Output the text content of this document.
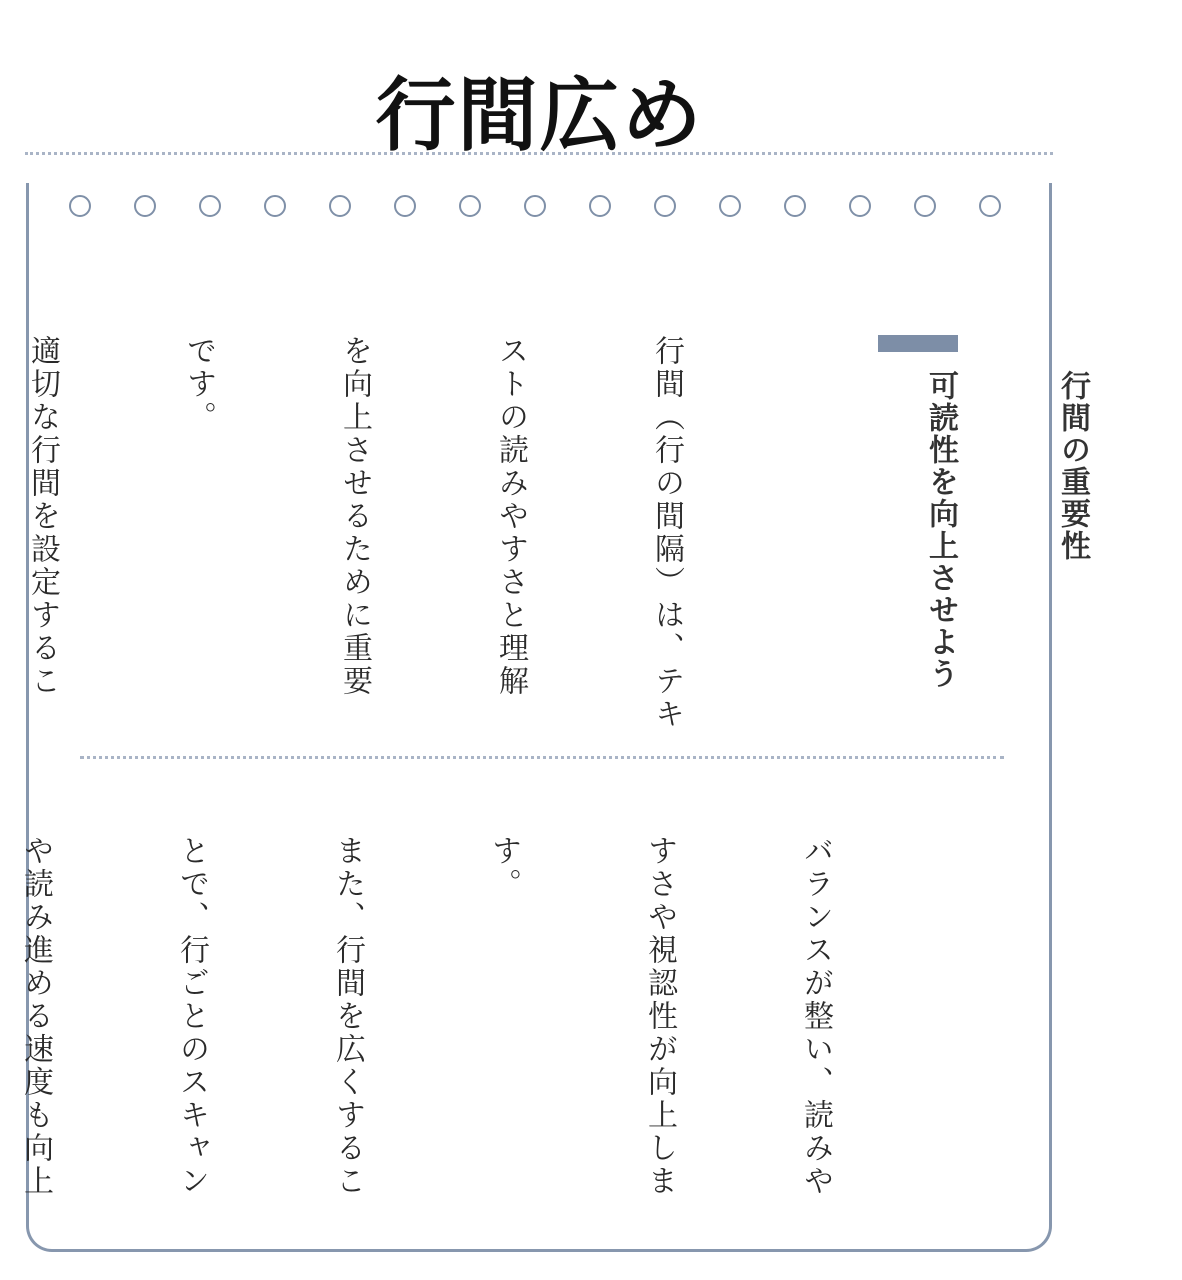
行間広め

行間の重要性

可読性を向上させよう

行間（行の間隔）は、テキ

ストの読みやすさと理解

を向上させるために重要

です。

適切な行間を設定するこ

バランスが整い、読みや

すさや視認性が向上しま

す。

また、行間を広くするこ

とで、行ごとのスキャン

や読み進める速度も向上
